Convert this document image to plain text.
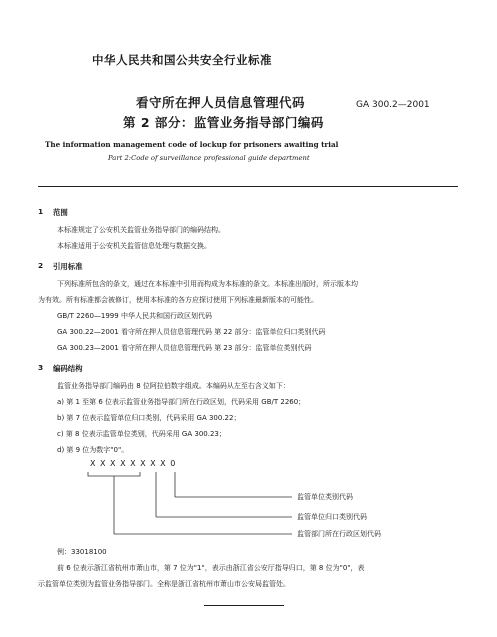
中华人民共和国公共安全行业标准
看守所在押人员信息管理代码	GA 300.2—2001
第 2 部分：监管业务指导部门编码
The information management code of lockup for prisoners awaiting trial
Part 2:Code of surveillance professional guide department
1 范围
本标准规定了公安机关监管业务指导部门的编码结构。
本标准适用于公安机关监管信息处理与数据交换。
2 引用标准
下列标准所包含的条文，通过在本标准中引用而构成为本标准的条文。本标准出版时，所示版本均
为有效。所有标准都会被修订，使用本标准的各方应探讨使用下列标准最新版本的可能性。
GB/T 2260—1999 中华人民共和国行政区划代码
GA 300.22—2001 看守所在押人员信息管理代码 第 22 部分：监管单位归口类别代码
GA 300.23—2001 看守所在押人员信息管理代码 第 23 部分：监管单位类别代码
3 编码结构
监管业务指导部门编码由 8 位阿拉伯数字组成。本编码从左至右含义如下：
a) 第 1 至第 6 位表示监管业务指导部门所在行政区划，代码采用 GB/T 2260；
b) 第 7 位表示监管单位归口类别，代码采用 GA 300.22；
c) 第 8 位表示监管单位类别，代码采用 GA 300.23；
d) 第 9 位为数字"0"。
X X X X X X X X 0
监管单位类别代码
监管单位归口类别代码
监管部门所在行政区划代码
例：33018100
前 6 位表示浙江省杭州市萧山市，第 7 位为"1"，表示由浙江省公安厅指导归口，第 8 位为"0"，表
示监管单位类别为监管业务指导部门。全称是浙江省杭州市萧山市公安局监管处。
